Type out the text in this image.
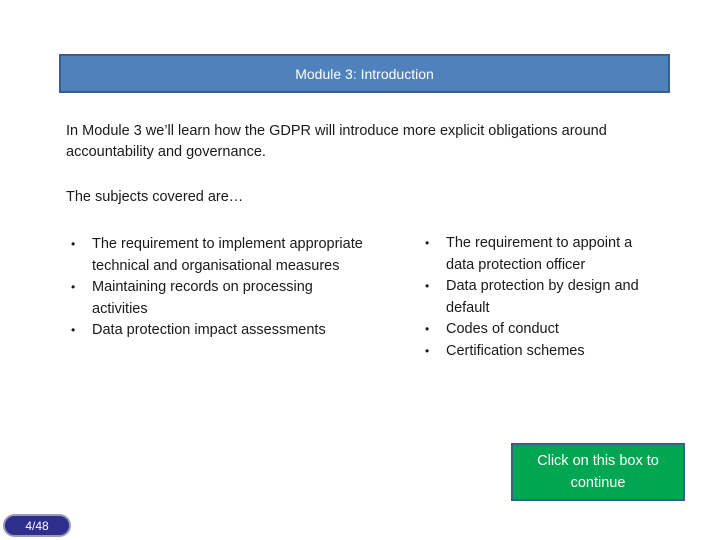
Module 3: Introduction
In Module 3 we’ll learn how the GDPR will introduce more explicit obligations around accountability and governance.
The subjects covered are…
• The requirement to implement appropriate technical and organisational measures
• Maintaining records on processing activities
• Data protection impact assessments
• The requirement to appoint a data protection officer
• Data protection by design and default
• Codes of conduct
• Certification schemes
Click on this box to continue
4/48
